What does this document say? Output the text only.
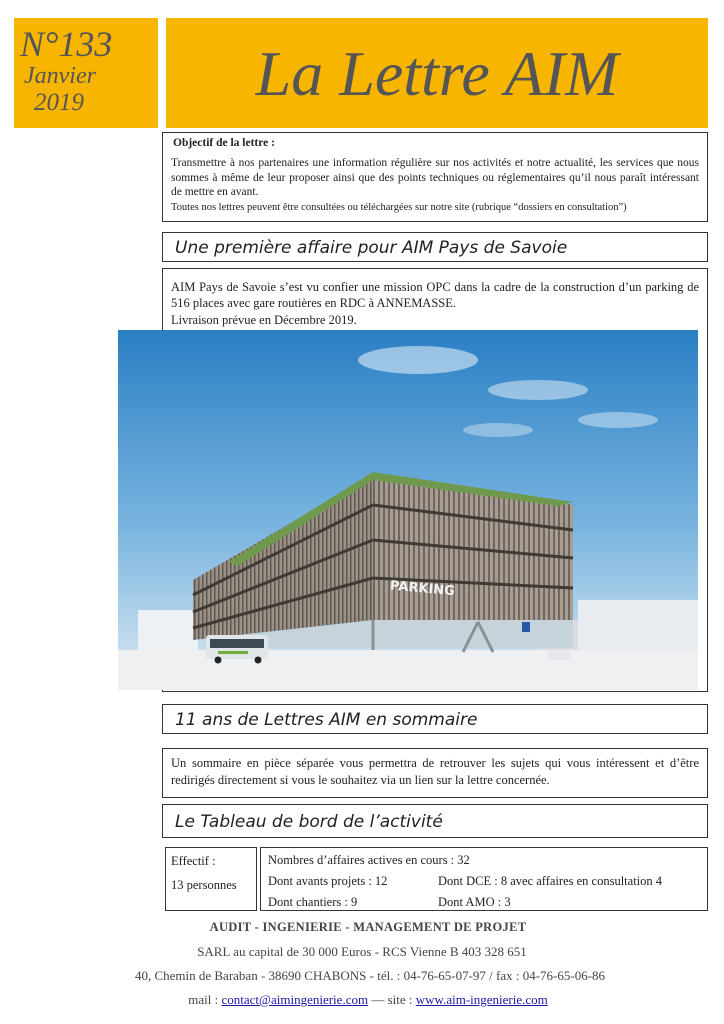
N°133
Janvier
2019	La Lettre AIM
Objectif de la lettre :

Transmettre à nos partenaires une information régulière sur nos activités et notre actualité, les services que nous sommes à même de leur proposer ainsi que des points techniques ou réglementaires qu’il nous paraît intéressant de mettre en avant.

Toutes nos lettres peuvent être consultées ou téléchargées sur notre site (rubrique “dossiers en consultation”)
Une première affaire pour AIM Pays de Savoie

AIM Pays de Savoie s’est vu confier une mission OPC dans la cadre de la construction d’un parking de 516 places avec gare routières en RDC à ANNEMASSE.

Livraison prévue en Décembre 2019.

PARKING
11 ans de Lettres AIM en sommaire
Un sommaire en pièce séparée vous permettra de retrouver les sujets qui vous intéressent et d’être redirigés directement si vous le souhaitez via un lien sur la lettre concernée.
Le Tableau de bord de l’activité
Effectif :
13 personnes
Nombres d’affaires actives en cours : 32
Dont avants projets : 12	Dont DCE : 8 avec affaires en consultation 4
Dont chantiers : 9	Dont AMO : 3
AUDIT - INGENIERIE - MANAGEMENT DE PROJET
SARL au capital de 30 000 Euros - RCS Vienne B 403 328 651
40, Chemin de Baraban - 38690 CHABONS - tél. : 04-76-65-07-97 / fax : 04-76-65-06-86
mail : contact@aimingenierie.com — site : www.aim-ingenierie.com
